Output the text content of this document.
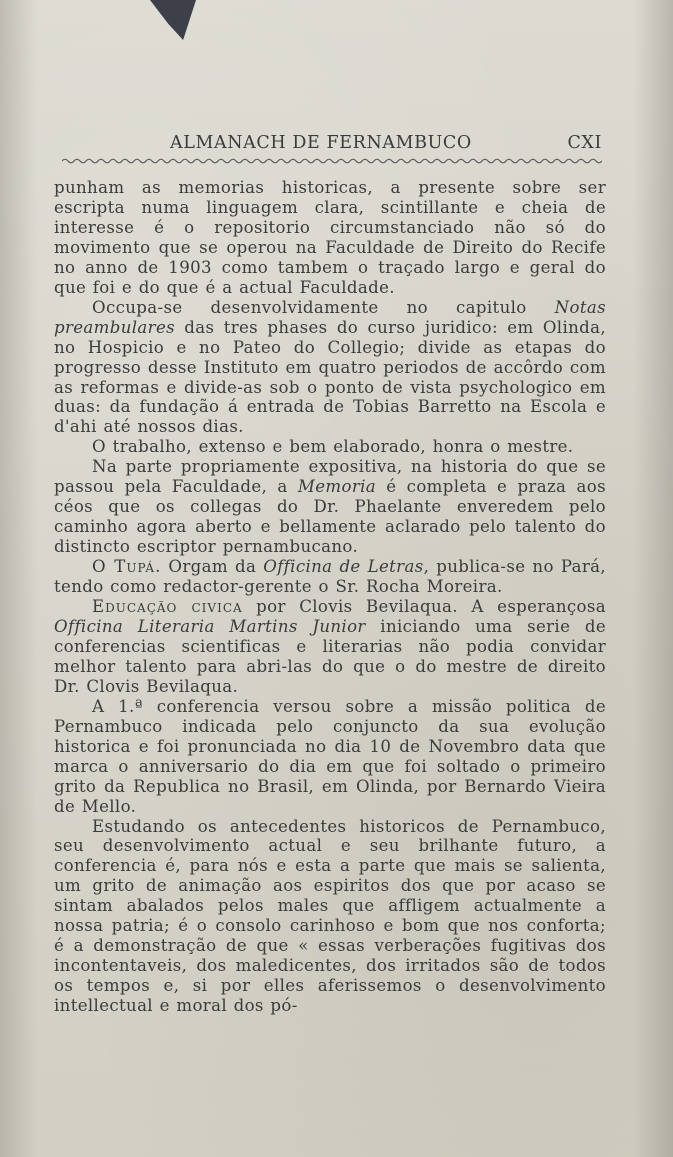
ALMANACH DE FERNAMBUCO	CXI

punham as memorias historicas, a presente sobre ser escripta numa linguagem clara, scintillante e cheia de interesse é o repositorio circumstanciado não só do movimento que se operou na Faculdade de Direito do Recife no anno de 1903 como tambem o traçado largo e geral do que foi e do que é a actual Faculdade.

Occupa-se desenvolvidamente no capitulo Notas preambulares das tres phases do curso juridico: em Olinda, no Hospicio e no Pateo do Collegio; divide as etapas do progresso desse Instituto em quatro periodos de accôrdo com as reformas e divide-as sob o ponto de vista psychologico em duas: da fundação á entrada de Tobias Barretto na Escola e d'ahi até nossos dias.

O trabalho, extenso e bem elaborado, honra o mestre.

Na parte propriamente expositiva, na historia do que se passou pela Faculdade, a Memoria é completa e praza aos céos que os collegas do Dr. Phaelante enveredem pelo caminho agora aberto e bellamente aclarado pelo talento do distincto escriptor pernambucano.

O Tupá. Orgam da Officina de Letras, publica-se no Pará, tendo como redactor-gerente o Sr. Rocha Moreira.

Educação civica por Clovis Bevilaqua. A esperançosa Officina Literaria Martins Junior iniciando uma serie de conferencias scientificas e literarias não podia convidar melhor talento para abri-las do que o do mestre de direito Dr. Clovis Bevilaqua.

A 1.ª conferencia versou sobre a missão politica de Pernambuco indicada pelo conjuncto da sua evolução historica e foi pronunciada no dia 10 de Novembro data que marca o anniversario do dia em que foi soltado o primeiro grito da Republica no Brasil, em Olinda, por Bernardo Vieira de Mello.

Estudando os antecedentes historicos de Pernambuco, seu desenvolvimento actual e seu brilhante futuro, a conferencia é, para nós e esta a parte que mais se salienta, um grito de animação aos espiritos dos que por acaso se sintam abalados pelos males que affligem actualmente a nossa patria; é o consolo carinhoso e bom que nos conforta; é a demonstração de que « essas verberações fugitivas dos incontentaveis, dos maledicentes, dos irritados são de todos os tempos e, si por elles aferissemos o desenvolvimento intellectual e moral dos pó-
